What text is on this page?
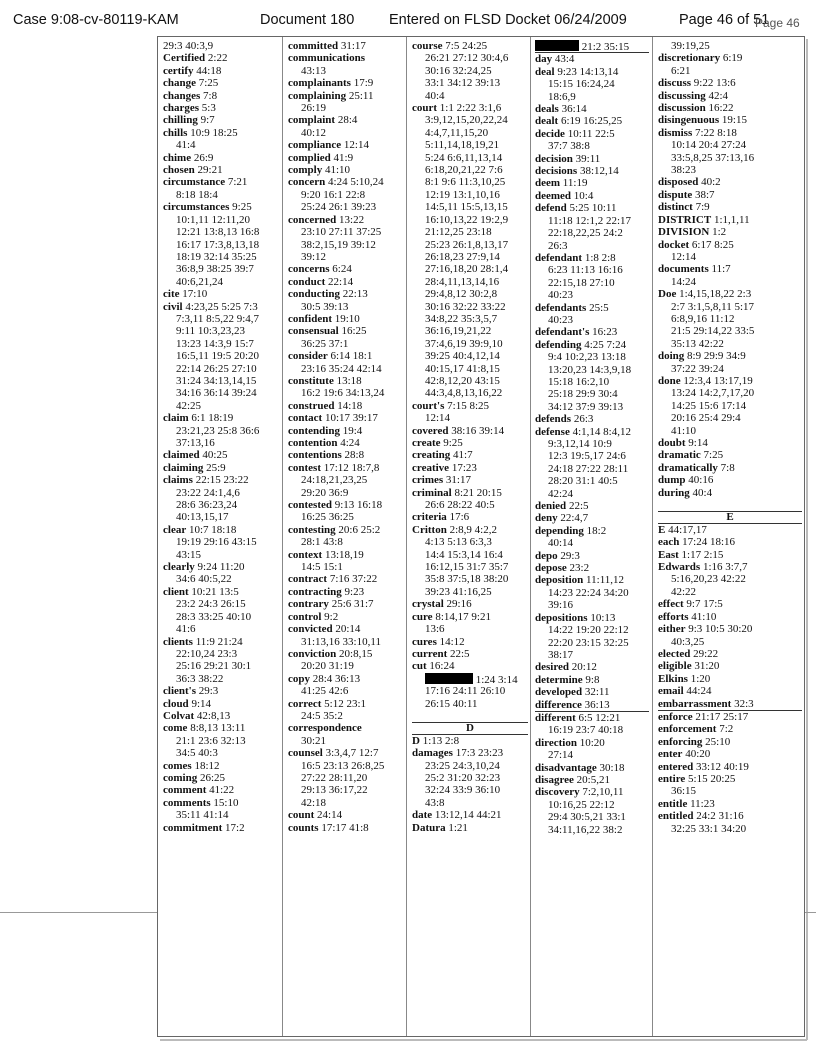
Case 9:08-cv-80119-KAM	Document 180 Entered on FLSD Docket 06/24/2009	Page 46 of 51
Page 46
29:3 40:3,9
Certified 2:22
certify 44:18
change 7:25
changes 7:8
charges 5:3
chilling 9:7
chills 10:9 18:25
41:4
chime 26:9
chosen 29:21
circumstance 7:21
8:18 18:4
circumstances 9:25
10:1,11 12:11,20
12:21 13:8,13 16:8
16:17 17:3,8,13,18
18:19 32:14 35:25
36:8,9 38:25 39:7
40:6,21,24
cite 17:10
civil 4:23,25 5:25 7:3
7:3,11 8:5,22 9:4,7
9:11 10:3,23,23
13:23 14:3,9 15:7
16:5,11 19:5 20:20
22:14 26:25 27:10
31:24 34:13,14,15
34:16 36:14 39:24
42:25
claim 6:1 18:19
23:21,23 25:8 36:6
37:13,16
claimed 40:25
claiming 25:9
claims 22:15 23:22
23:22 24:1,4,6
28:6 36:23,24
40:13,15,17
clear 10:7 18:18
19:19 29:16 43:15
43:15
clearly 9:24 11:20
34:6 40:5,22
client 10:21 13:5
23:2 24:3 26:15
28:3 33:25 40:10
41:6
clients 11:9 21:24
22:10,24 23:3
25:16 29:21 30:1
36:3 38:22
client's 29:3
cloud 9:14
Colvat 42:8,13
come 8:8,13 13:11
21:1 23:6 32:13
34:5 40:3
comes 18:12
coming 26:25
comment 41:22
comments 15:10
35:11 41:14
commitment 17:2
committed 31:17
communications
43:13
complainants 17:9
complaining 25:11
26:19
complaint 28:4
40:12
compliance 12:14
complied 41:9
comply 41:10
concern 4:24 5:10,24
9:20 16:1 22:8
25:24 26:1 39:23
concerned 13:22
23:10 27:11 37:25
38:2,15,19 39:12
39:12
concerns 6:24
conduct 22:14
conducting 22:13
30:5 39:13
confident 19:10
consensual 16:25
36:25 37:1
consider 6:14 18:1
23:16 35:24 42:14
constitute 13:18
16:2 19:6 34:13,24
construed 14:18
contact 10:17 39:17
contending 19:4
contention 4:24
contentions 28:8
contest 17:12 18:7,8
24:18,21,23,25
29:20 36:9
contested 9:13 16:18
16:25 36:25
contesting 20:6 25:2
28:1 43:8
context 13:18,19
14:5 15:1
contract 7:16 37:22
contracting 9:23
contrary 25:6 31:7
control 9:2
convicted 20:14
31:13,16 33:10,11
conviction 20:8,15
20:20 31:19
copy 28:4 36:13
41:25 42:6
correct 5:12 23:1
24:5 35:2
correspondence
30:21
counsel 3:3,4,7 12:7
16:5 23:13 26:8,25
27:22 28:11,20
29:13 36:17,22
42:18
count 24:14
counts 17:17 41:8
course 7:5 24:25
26:21 27:12 30:4,6
30:16 32:24,25
33:1 34:12 39:13
40:4
court 1:1 2:22 3:1,6
3:9,12,15,20,22,24
4:4,7,11,15,20
5:11,14,18,19,21
5:24 6:6,11,13,14
6:18,20,21,22 7:6
8:1 9:6 11:3,10,25
12:19 13:1,10,16
14:5,11 15:5,13,15
16:10,13,22 19:2,9
21:12,25 23:18
25:23 26:1,8,13,17
26:18,23 27:9,14
27:16,18,20 28:1,4
28:4,11,13,14,16
29:4,8,12 30:2,8
30:16 32:22 33:22
34:8,22 35:3,5,7
36:16,19,21,22
37:4,6,19 39:9,10
39:25 40:4,12,14
40:15,17 41:8,15
42:8,12,20 43:15
44:3,4,8,13,16,22
court's 7:15 8:25
12:14
covered 38:16 39:14
create 9:25
creating 41:7
creative 17:23
crimes 31:17
criminal 8:21 20:15
26:6 28:22 40:5
criteria 17:6
Critton 2:8,9 4:2,2
4:13 5:13 6:3,3
14:4 15:3,14 16:4
16:12,15 31:7 35:7
35:8 37:5,18 38:20
39:23 41:16,25
crystal 29:16
cure 8:14,17 9:21
13:6
cures 14:12
current 22:5
cut 16:24
1:24 3:14
17:16 24:11 26:10
26:15 40:11
D
D 1:13 2:8
damages 17:3 23:23
23:25 24:3,10,24
25:2 31:20 32:23
32:24 33:9 36:10
43:8
date 13:12,14 44:21
Datura 1:21
21:2 35:15
day 43:4
deal 9:23 14:13,14
15:15 16:24,24
18:6,9
deals 36:14
dealt 6:19 16:25,25
decide 10:11 22:5
37:7 38:8
decision 39:11
decisions 38:12,14
deem 11:19
deemed 10:4
defend 5:25 10:11
11:18 12:1,2 22:17
22:18,22,25 24:2
26:3
defendant 1:8 2:8
6:23 11:13 16:16
22:15,18 27:10
40:23
defendants 25:5
40:23
defendant's 16:23
defending 4:25 7:24
9:4 10:2,23 13:18
13:20,23 14:3,9,18
15:18 16:2,10
25:18 29:9 30:4
34:12 37:9 39:13
defends 26:3
defense 4:1,14 8:4,12
9:3,12,14 10:9
12:3 19:5,17 24:6
24:18 27:22 28:11
28:20 31:1 40:5
42:24
denied 22:5
deny 22:4,7
depending 18:2
40:14
depo 29:3
depose 23:2
deposition 11:11,12
14:23 22:24 34:20
39:16
depositions 10:13
14:22 19:20 22:12
22:20 23:15 32:25
38:17
desired 20:12
determine 9:8
developed 32:11
difference 36:13
different 6:5 12:21
16:19 23:7 40:18
direction 10:20
27:14
disadvantage 30:18
disagree 20:5,21
discovery 7:2,10,11
10:16,25 22:12
29:4 30:5,21 33:1
34:11,16,22 38:2
39:19,25
discretionary 6:19
6:21
discuss 9:22 13:6
discussing 42:4
discussion 16:22
disingenuous 19:15
dismiss 7:22 8:18
10:14 20:4 27:24
33:5,8,25 37:13,16
38:23
disposed 40:2
dispute 38:7
distinct 7:9
DISTRICT 1:1,1,11
DIVISION 1:2
docket 6:17 8:25
12:14
documents 11:7
14:24
Doe 1:4,15,18,22 2:3
2:7 3:1,5,8,11 5:17
6:8,9,16 11:12
21:5 29:14,22 33:5
35:13 42:22
doing 8:9 29:9 34:9
37:22 39:24
done 12:3,4 13:17,19
13:24 14:2,7,17,20
14:25 15:6 17:14
20:16 25:4 29:4
41:10
doubt 9:14
dramatic 7:25
dramatically 7:8
dump 40:16
during 40:4
E
E 44:17,17
each 17:24 18:16
East 1:17 2:15
Edwards 1:16 3:7,7
5:16,20,23 42:22
42:22
effect 9:7 17:5
efforts 41:10
either 9:3 10:5 30:20
40:3,25
elected 29:22
eligible 31:20
Elkins 1:20
email 44:24
embarrassment 32:3
enforce 21:17 25:17
enforcement 7:2
enforcing 25:10
enter 40:20
entered 33:12 40:19
entire 5:15 20:25
36:15
entitle 11:23
entitled 24:2 31:16
32:25 33:1 34:20
